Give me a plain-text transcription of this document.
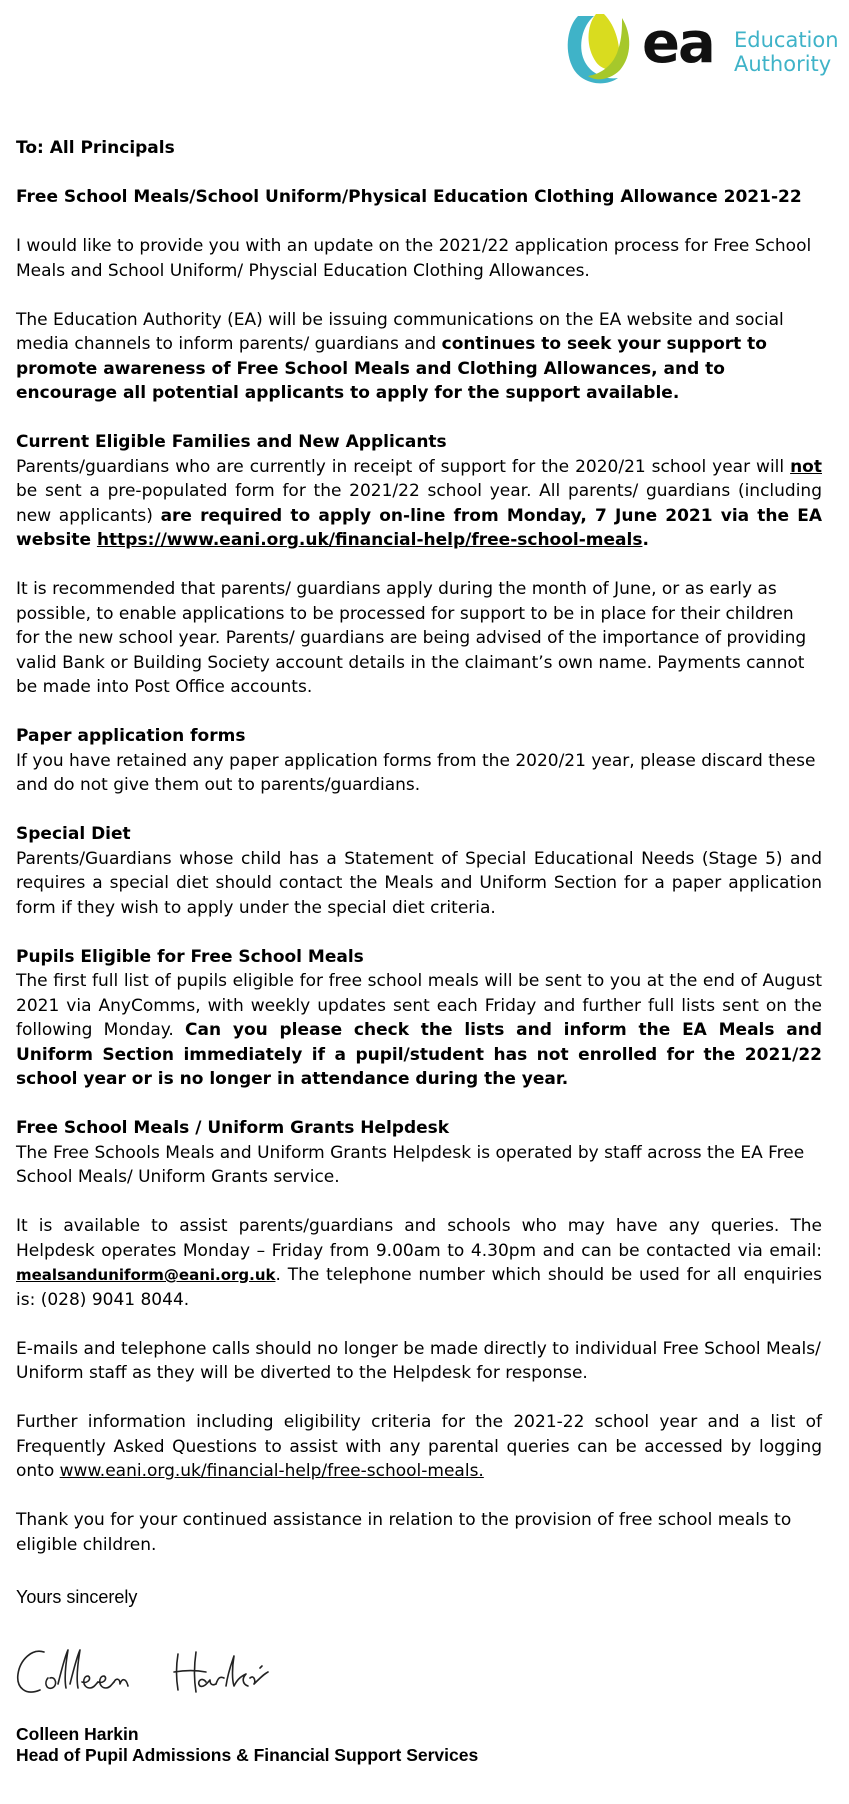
ea Education
Authority

To: All Principals

Free School Meals/School Uniform/Physical Education Clothing Allowance 2021-22

I would like to provide you with an update on the 2021/22 application process for Free School Meals and School Uniform/ Physcial Education Clothing Allowances.

The Education Authority (EA) will be issuing communications on the EA website and social media channels to inform parents/ guardians and continues to seek your support to promote awareness of Free School Meals and Clothing Allowances, and to encourage all potential applicants to apply for the support available.

Current Eligible Families and New Applicants
Parents/guardians who are currently in receipt of support for the 2020/21 school year will not be sent a pre-populated form for the 2021/22 school year. All parents/ guardians (including new applicants) are required to apply on-line from Monday, 7 June 2021 via the EA website https://www.eani.org.uk/financial-help/free-school-meals.

It is recommended that parents/ guardians apply during the month of June, or as early as possible, to enable applications to be processed for support to be in place for their children for the new school year. Parents/ guardians are being advised of the importance of providing valid Bank or Building Society account details in the claimant’s own name. Payments cannot be made into Post Office accounts.

Paper application forms
If you have retained any paper application forms from the 2020/21 year, please discard these and do not give them out to parents/guardians.

Special Diet
Parents/Guardians whose child has a Statement of Special Educational Needs (Stage 5) and requires a special diet should contact the Meals and Uniform Section for a paper application form if they wish to apply under the special diet criteria.

Pupils Eligible for Free School Meals
The first full list of pupils eligible for free school meals will be sent to you at the end of August 2021 via AnyComms, with weekly updates sent each Friday and further full lists sent on the following Monday. Can you please check the lists and inform the EA Meals and Uniform Section immediately if a pupil/student has not enrolled for the 2021/22 school year or is no longer in attendance during the year.

Free School Meals / Uniform Grants Helpdesk
The Free Schools Meals and Uniform Grants Helpdesk is operated by staff across the EA Free School Meals/ Uniform Grants service.

It is available to assist parents/guardians and schools who may have any queries. The Helpdesk operates Monday – Friday from 9.00am to 4.30pm and can be contacted via email: mealsanduniform@eani.org.uk. The telephone number which should be used for all enquiries is: (028) 9041 8044.

E-mails and telephone calls should no longer be made directly to individual Free School Meals/ Uniform staff as they will be diverted to the Helpdesk for response.

Further information including eligibility criteria for the 2021-22 school year and a list of Frequently Asked Questions to assist with any parental queries can be accessed by logging onto www.eani.org.uk/financial-help/free-school-meals.

Thank you for your continued assistance in relation to the provision of free school meals to eligible children.

Yours sincerely
Colleen Harkin
Head of Pupil Admissions & Financial Support Services
